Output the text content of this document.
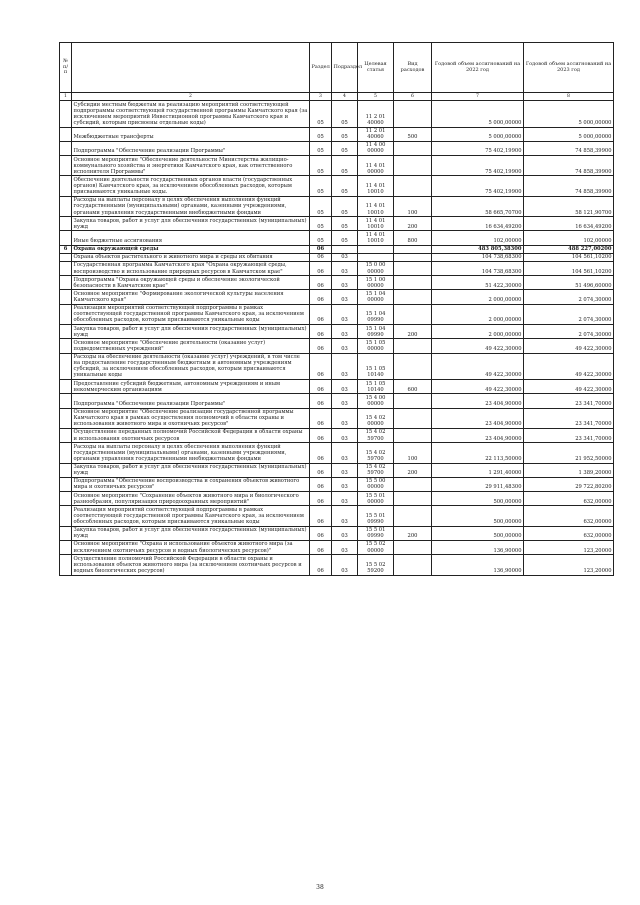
№ п/п		Раздел	Подраздел	Целевая статья	Вид расходов	Годовой объем ассигнований на 2022 год	Годовой объем ассигнований на 2023 год
1	2	3	4	5	6	7	8
	Субсидии местным бюджетам на реализацию мероприятий соответствующей подпрограммы соответствующей государственной программы Камчатского края (за исключением мероприятий Инвестиционной программы Камчатского края и субсидий, которым присвоены отдельные коды)	05	05	11 2 01 40060		5 000,00000	5 000,00000
	Межбюджетные трансферты	05	05	11 2 01 40060	500	5 000,00000	5 000,00000
	Подпрограмма "Обеспечение реализации Программы"	05	05	11 4 00 00000		75 402,19900	74 858,39900
	Основное мероприятие "Обеспечение деятельности Министерства жилищно-коммунального хозяйства и энергетики Камчатского края, как ответственного исполнителя Программы"	05	05	11 4 01 00000		75 402,19900	74 858,39900
	Обеспечение деятельности государственных органов власти (государственных органов) Камчатского края, за исключением обособленных расходов, которым присваиваются уникальные коды.	05	05	11 4 01 10010		75 402,19900	74 858,39900
	Расходы на выплаты персоналу в целях обеспечения выполнения функций государственными (муниципальными) органами, казенными учреждениями, органами управления государственными внебюджетными фондами	05	05	11 4 01 10010	100	58 665,70700	58 121,90700
	Закупка товаров, работ и услуг для обеспечения государственных (муниципальных) нужд	05	05	11 4 01 10010	200	16 634,49200	16 634,49200
	Иные бюджетные ассигнования	05	05	11 4 01 10010	800	102,00000	102,00000
6	Охрана окружающей среды	06				483 805,38300	488 227,00200
	Охрана объектов растительного и животного мира и среды их обитания	06	03			104 738,68300	104 561,10200
	Государственная программа Камчатского края "Охрана окружающей среды, воспроизводство и использование природных ресурсов в Камчатском крае"	06	03	15 0 00 00000		104 738,68300	104 561,10200
	Подпрограмма "Охрана окружающей среды и обеспечение экологической безопасности в Камчатском крае"	06	03	15 1 00 00000		51 422,30000	51 496,60000
	Основное мероприятие "Формирование экологической культуры населения Камчатского края"	06	03	15 1 04 00000		2 000,00000	2 074,30000
	Реализация мероприятий соответствующей подпрограммы в рамках соответствующей государственной программы Камчатского края, за исключением обособленных расходов, которым присваиваются уникальные коды	06	03	15 1 04 09990		2 000,00000	2 074,30000
	Закупка товаров, работ и услуг для обеспечения государственных (муниципальных) нужд	06	03	15 1 04 09990	200	2 000,00000	2 074,30000
	Основное мероприятие "Обеспечение деятельности (оказание услуг) подведомственных учреждений"	06	03	15 1 05 00000		49 422,30000	49 422,30000
	Расходы на обеспечение деятельности (оказание услуг) учреждений, в том числе на предоставление государственным бюджетным и автономным учреждениям субсидий, за исключением обособленных расходов, которым присваиваются уникальные коды	06	03	15 1 05 10140		49 422,30000	49 422,30000
	Предоставление субсидий бюджетным, автономным учреждениям и иным некоммерческим организациям	06	03	15 1 05 10140	600	49 422,30000	49 422,30000
	Подпрограмма "Обеспечение реализации Программы"	06	03	15 4 00 00000		23 404,90000	23 341,70000
	Основное мероприятие "Обеспечение реализации государственной программы Камчатского края в рамках осуществления полномочий в области охраны и использования животного мира и охотничьих ресурсов"	06	03	15 4 02 00000		23 404,90000	23 341,70000
	Осуществление переданных полномочий Российской Федерации в области охраны и использования охотничьих ресурсов	06	03	15 4 02 59700		23 404,90000	23 341,70000
	Расходы на выплаты персоналу в целях обеспечения выполнения функций государственными (муниципальными) органами, казенными учреждениями, органами управления государственными внебюджетными фондами	06	03	15 4 02 59700	100	22 113,50000	21 952,50000
	Закупка товаров, работ и услуг для обеспечения государственных (муниципальных) нужд	06	03	15 4 02 59700	200	1 291,40000	1 389,20000
	Подпрограмма "Обеспечение воспроизводства и сохранения объектов животного мира и охотничьих ресурсов"	06	03	15 5 00 00000		29 911,48300	29 722,80200
	Основное мероприятие "Сохранение объектов животного мира и биологического разнообразия, популяризация природоохранных мероприятий"	06	03	15 5 01 00000		500,00000	632,00000
	Реализация мероприятий соответствующей подпрограммы в рамках соответствующей государственной программы Камчатского края, за исключением обособленных расходов, которым присваиваются уникальные коды	06	03	15 5 01 09990		500,00000	632,00000
	Закупка товаров, работ и услуг для обеспечения государственных (муниципальных) нужд	06	03	15 5 01 09990	200	500,00000	632,00000
	Основное мероприятие "Охрана и использование объектов животного мира (за исключением охотничьих ресурсов и водных биологических ресурсов)"	06	03	15 5 02 00000		136,90000	123,20000
	Осуществление полномочий Российской Федерации в области охраны и использования объектов животного мира (за исключением охотничьих ресурсов и водных биологических ресурсов)	06	03	15 5 02 59200		136,90000	123,20000
38
